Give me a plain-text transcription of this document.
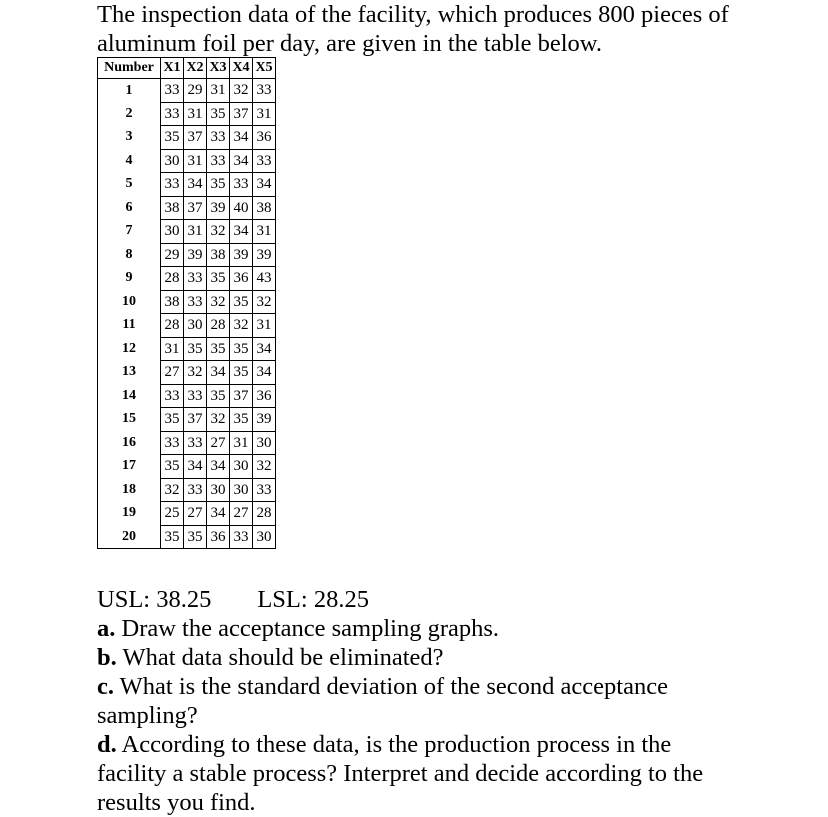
The inspection data of the facility, which produces 800 pieces of aluminum foil per day, are given in the table below.

Number	X1	X2	X3	X4	X5
1	33	29	31	32	33
2	33	31	35	37	31
3	35	37	33	34	36
4	30	31	33	34	33
5	33	34	35	33	34
6	38	37	39	40	38
7	30	31	32	34	31
8	29	39	38	39	39
9	28	33	35	36	43
10	38	33	32	35	32
11	28	30	28	32	31
12	31	35	35	35	34
13	27	32	34	35	34
14	33	33	35	37	36
15	35	37	32	35	39
16	33	33	27	31	30
17	35	34	34	30	32
18	32	33	30	30	33
19	25	27	34	27	28
20	35	35	36	33	30

USL: 38.25 LSL: 28.25

a. Draw the acceptance sampling graphs.

b. What data should be eliminated?

c. What is the standard deviation of the second acceptance sampling?

d. According to these data, is the production process in the facility a stable process? Interpret and decide according to the results you find.
